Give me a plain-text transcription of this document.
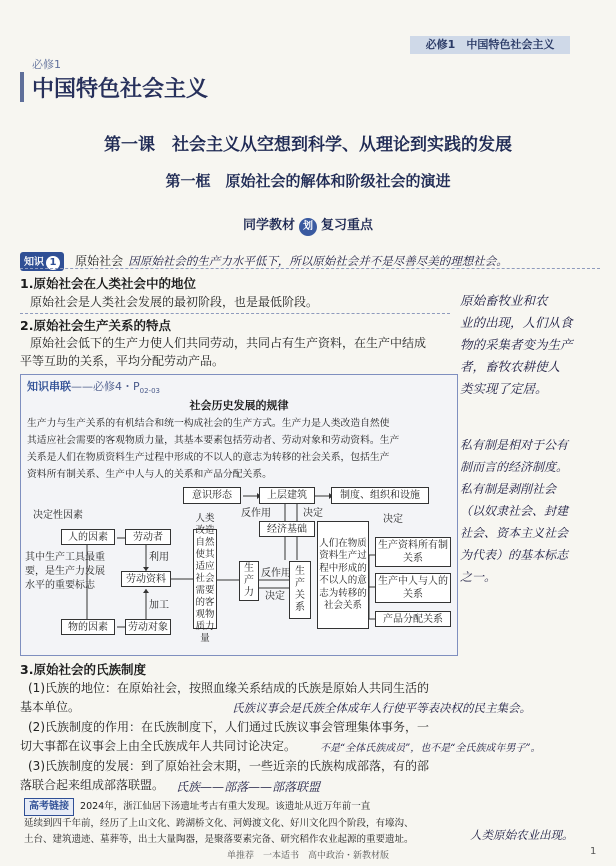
必修1　中国特色社会主义
必修1
中国特色社会主义
第一课　社会主义从空想到科学、从理论到实践的发展
第一框　原始社会的解体和阶级社会的演进
同学教材 划 复习重点
知识 1 原始社会 因原始社会的生产力水平低下，所以原始社会并不是尽善尽美的理想社会。
1.原始社会在人类社会中的地位
原始社会是人类社会发展的最初阶段，也是最低阶段。
2.原始社会生产关系的特点
原始社会低下的生产力使人们共同劳动，共同占有生产资料，在生产中结成
平等互助的关系，平均分配劳动产品。
原始畜牧业和农
业的出现，人们从食
物的采集者变为生产
者，畜牧农耕使人
类实现了定居。
私有制是相对于公有
制而言的经济制度。
私有制是剥削社会
（以奴隶社会、封建
社会、资本主义社会
为代表）的基本标志
之一。
知识串联——必修4・$P_{02-03}$
社会历史发展的规律
生产力与生产关系的有机结合和统一构成社会的生产方式。生产力是人类改造自然使
其适应社会需要的客观物质力量，其基本要素包括劳动者、劳动对象和劳动资料。生产
关系是人们在物质资料生产过程中形成的不以人的意志为转移的社会关系，包括生产
资料所有制关系、生产中人与人的关系和产品分配关系。
意识形态	上层建筑	制度、组织和设施
反作用	决定
经济基础
人们在物质资料生产过程中形成的不以人的意志为转移的社会关系
生产关系
决定
生产资料所有制关系
生产中人与人的关系
产品分配关系
决定性因素
人的因素	劳动者
利用
劳动资料
加工
物的因素	劳动对象
其中生产工具最重要，是生产力发展水平的重要标志
人类改造自然使其适应社会需要的客观物质力量
生产力
反作用
决定
3.原始社会的氏族制度
(1)氏族的地位：在原始社会，按照血缘关系结成的氏族是原始人共同生活的
基本单位。	氏族议事会是氏族全体成年人行使平等表决权的民主集会。
(2)氏族制度的作用：在氏族制度下，人们通过氏族议事会管理集体事务，一
切大事都在议事会上由全氏族成年人共同讨论决定。 不是“全体氏族成员”，也不是“全氏族成年男子”。
(3)氏族制度的发展：到了原始社会末期，一些近亲的氏族构成部落，有的部
落联合起来组成部落联盟。 氏族——部落——部落联盟
高考链接 2024年，浙江仙居下汤遗址考古有重大发现。该遗址从近万年前一直
延续到四千年前，经历了上山文化、跨湖桥文化、河姆渡文化、好川文化四个阶段，有壕沟、
土台、建筑遗迹、墓葬等，出土大量陶器，是聚落要素完备、研究稻作农业起源的重要遗址。	人类原始农业出现。
单推荐　一本适书　高中政治・新教材版	1
